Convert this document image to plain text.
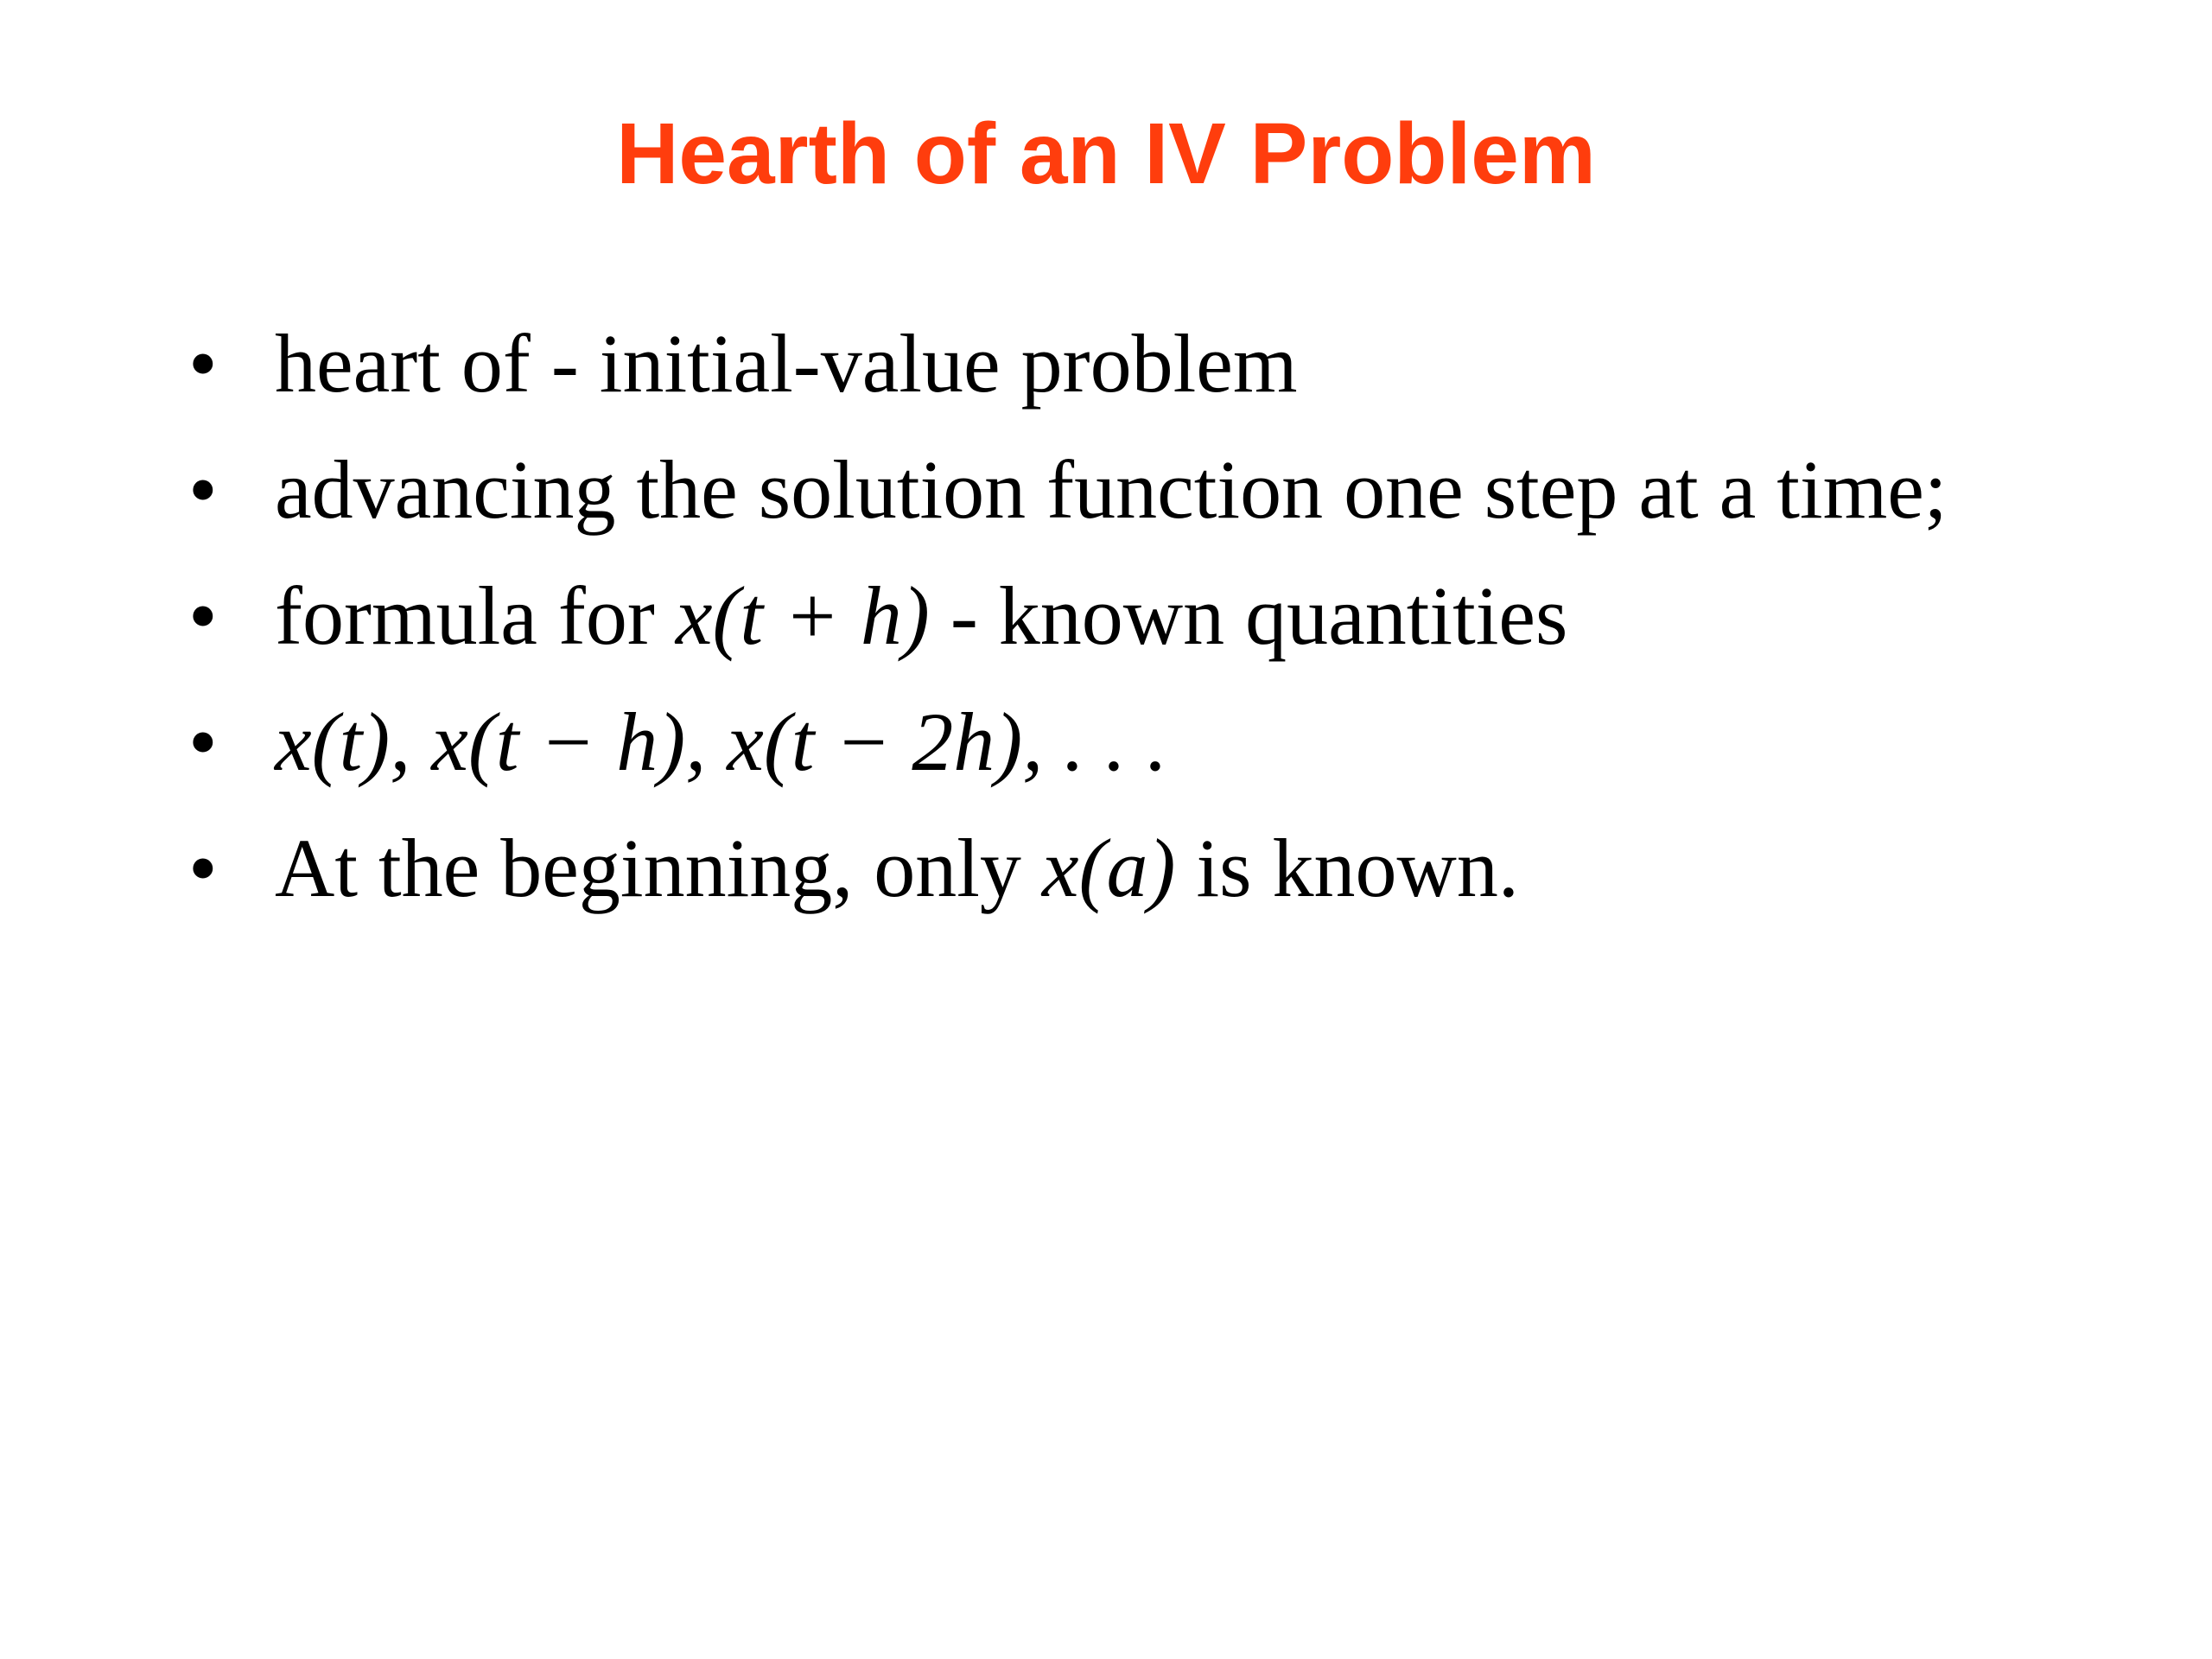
Hearth of an IV Problem
• heart of - initial-value problem
• advancing the solution function one step at a time;
• formula for x(t + h) - known quantities
• x(t), x(t − h), x(t − 2h), . . .
• At the beginning, only x(a) is known.
